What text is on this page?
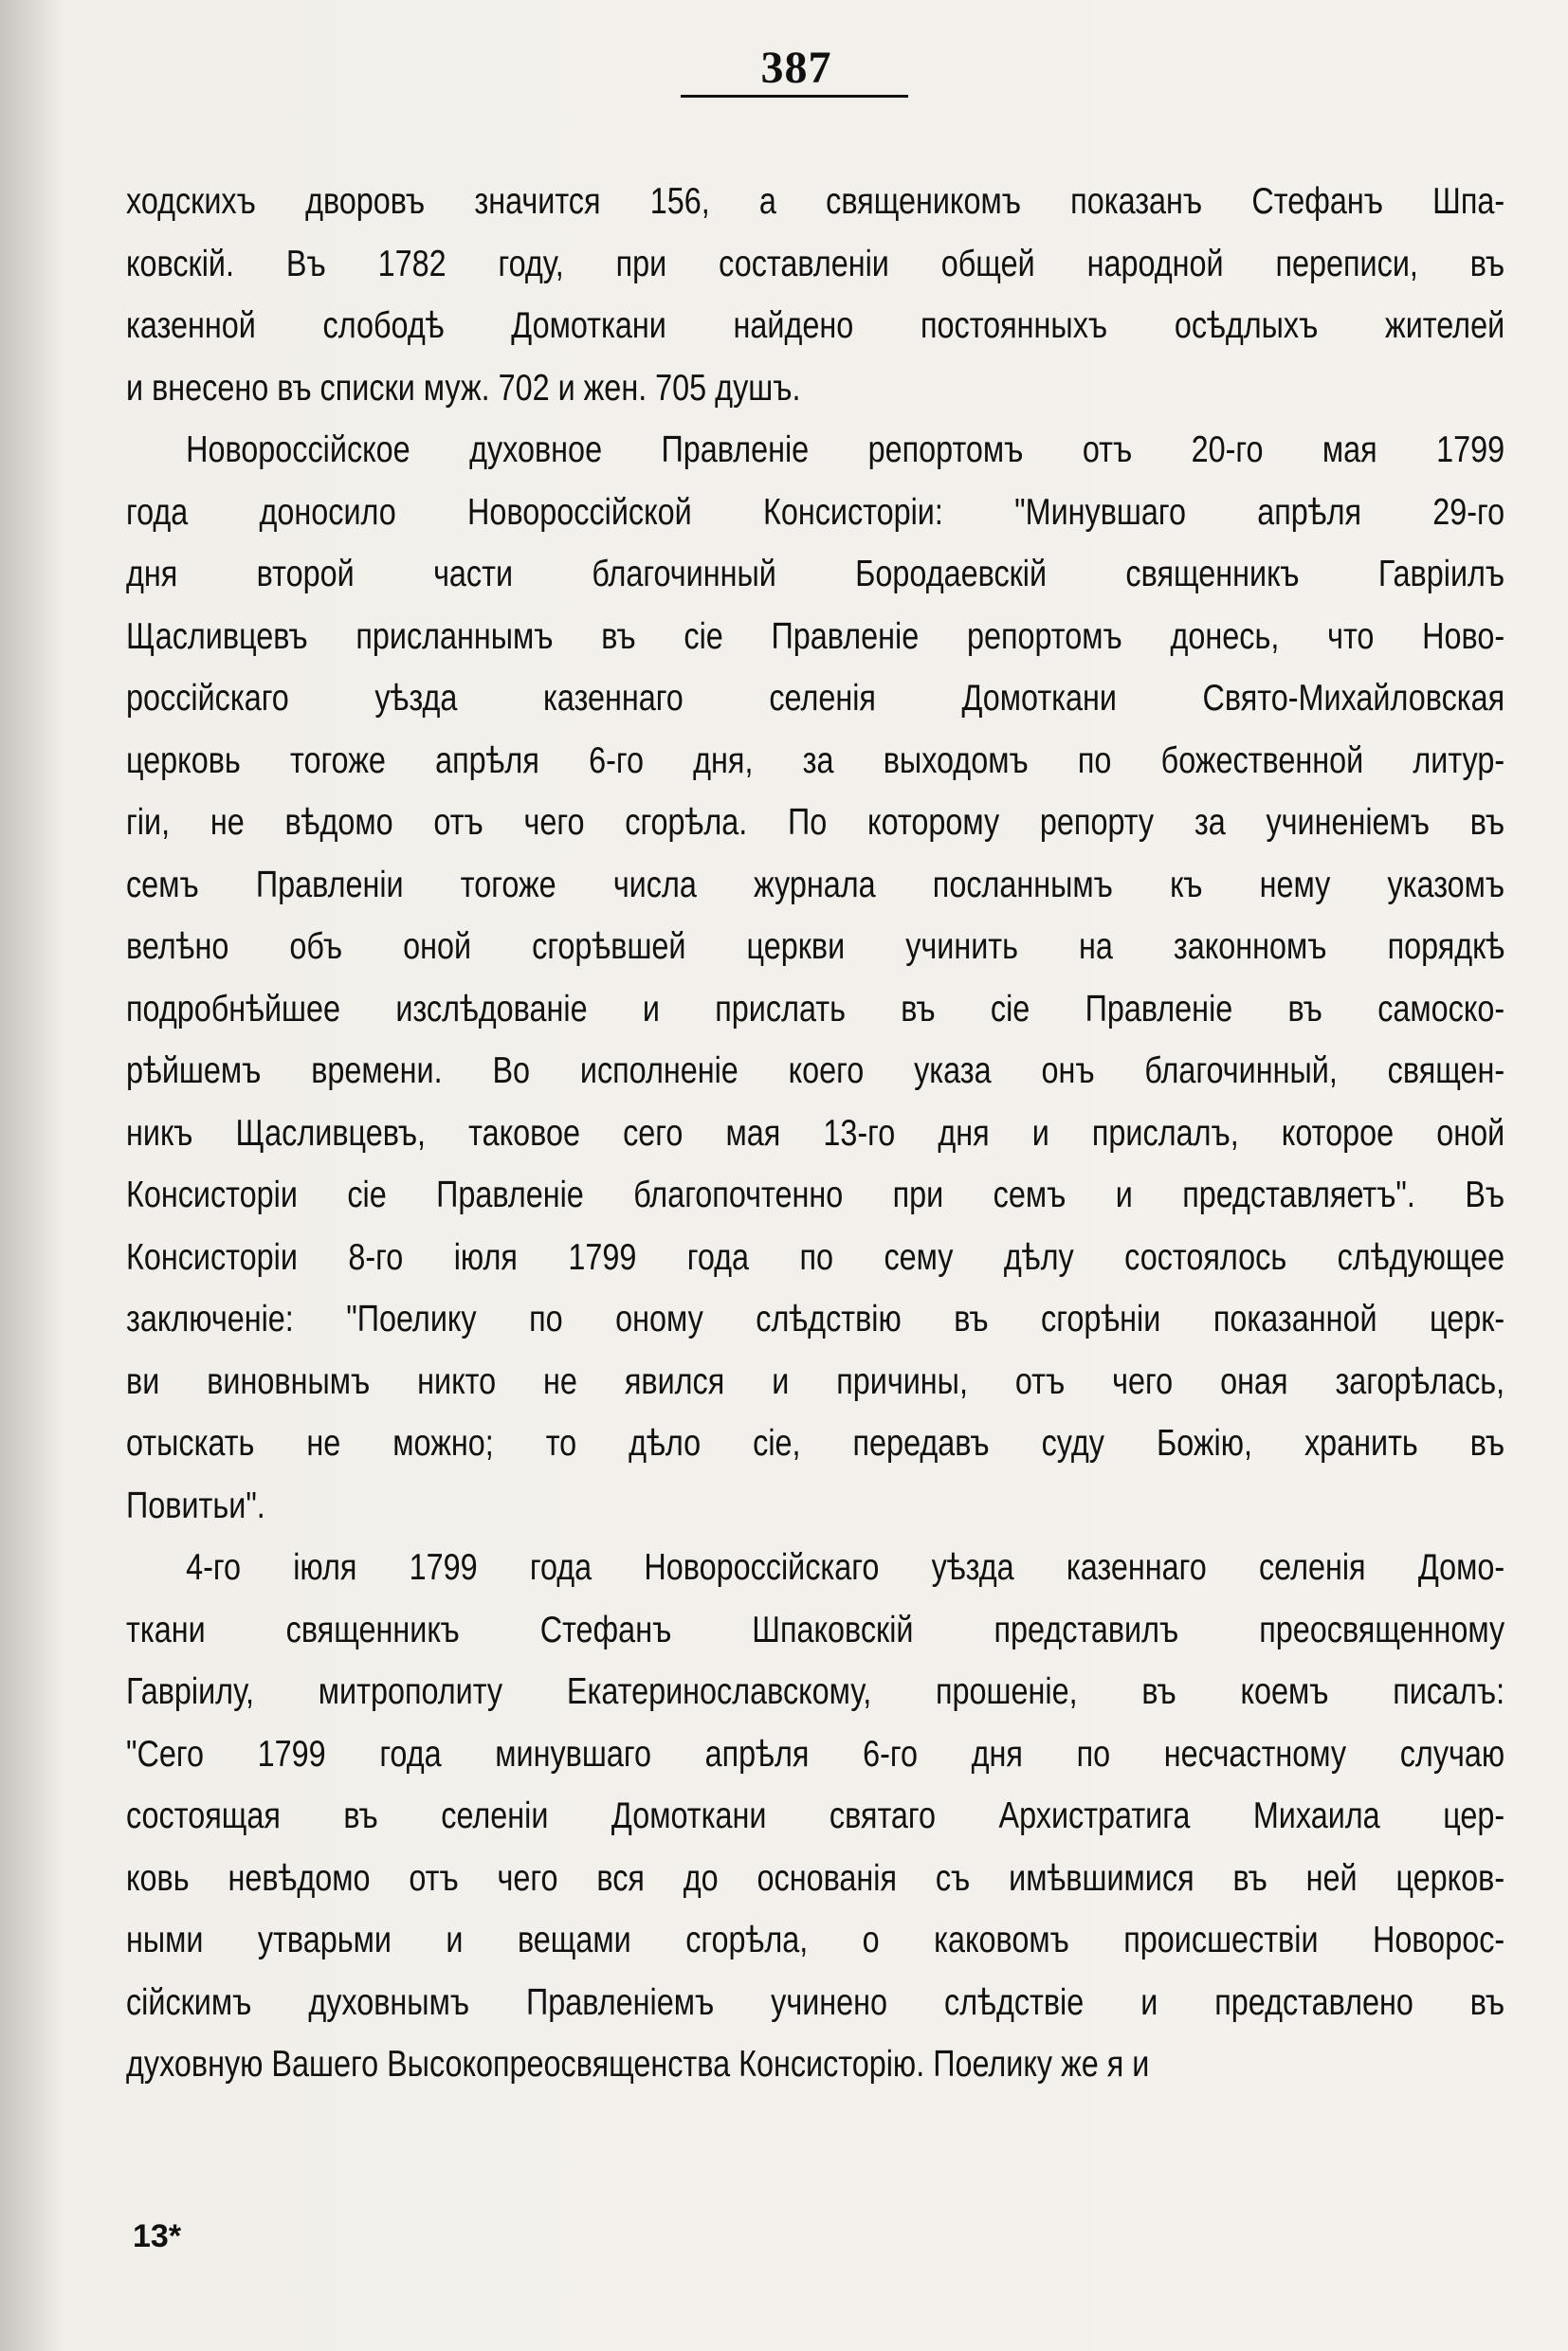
387
ходскихъ дворовъ значится 156, а священикомъ показанъ Стефанъ Шпа-
ковскій. Въ 1782 году, при составленіи общей народной переписи, въ
казенной слободѣ Домоткани найдено постоянныхъ осѣдлыхъ жителей
и внесено въ списки муж. 702 и жен. 705 душъ.
Новороссійское духовное Правленіе репортомъ отъ 20-го мая 1799
года доносило Новороссійской Консисторіи: "Минувшаго апрѣля 29-го
дня второй части благочинный Бородаевскій священникъ Гавріилъ
Щасливцевъ присланнымъ въ сіе Правленіе репортомъ донесь, что Ново-
россійскаго уѣзда казеннаго селенія Домоткани Свято-Михайловская
церковь тогоже апрѣля 6-го дня, за выходомъ по божественной литур-
гіи, не вѣдомо отъ чего сгорѣла. По которому репорту за учиненіемъ въ
семъ Правленіи тогоже числа журнала посланнымъ къ нему указомъ
велѣно объ оной сгорѣвшей церкви учинить на законномъ порядкѣ
подробнѣйшее изслѣдованіе и прислать въ сіе Правленіе въ самоско-
рѣйшемъ времени. Во исполненіе коего указа онъ благочинный, священ-
никъ Щасливцевъ, таковое сего мая 13-го дня и прислалъ, которое оной
Консисторіи сіе Правленіе благопочтенно при семъ и представляетъ". Въ
Консисторіи 8-го іюля 1799 года по сему дѣлу состоялось слѣдующее
заключеніе: "Поелику по оному слѣдствію въ сгорѣніи показанной церк-
ви виновнымъ никто не явился и причины, отъ чего оная загорѣлась,
отыскать не можно; то дѣло сіе, передавъ суду Божію, хранить въ
Повитьи".
4-го іюля 1799 года Новороссійскаго уѣзда казеннаго селенія Домо-
ткани священникъ Стефанъ Шпаковскій представилъ преосвященному
Гавріилу, митрополиту Екатеринославскому, прошеніе, въ коемъ писалъ:
"Сего 1799 года минувшаго апрѣля 6-го дня по несчастному случаю
состоящая въ селеніи Домоткани святаго Архистратига Михаила цер-
ковь невѣдомо отъ чего вся до основанія съ имѣвшимися въ ней церков-
ными утварьми и вещами сгорѣла, о каковомъ происшествіи Новорос-
сійскимъ духовнымъ Правленіемъ учинено слѣдствіе и представлено въ
духовную Вашего Высокопреосвященства Консисторію. Поелику же я и
13*
